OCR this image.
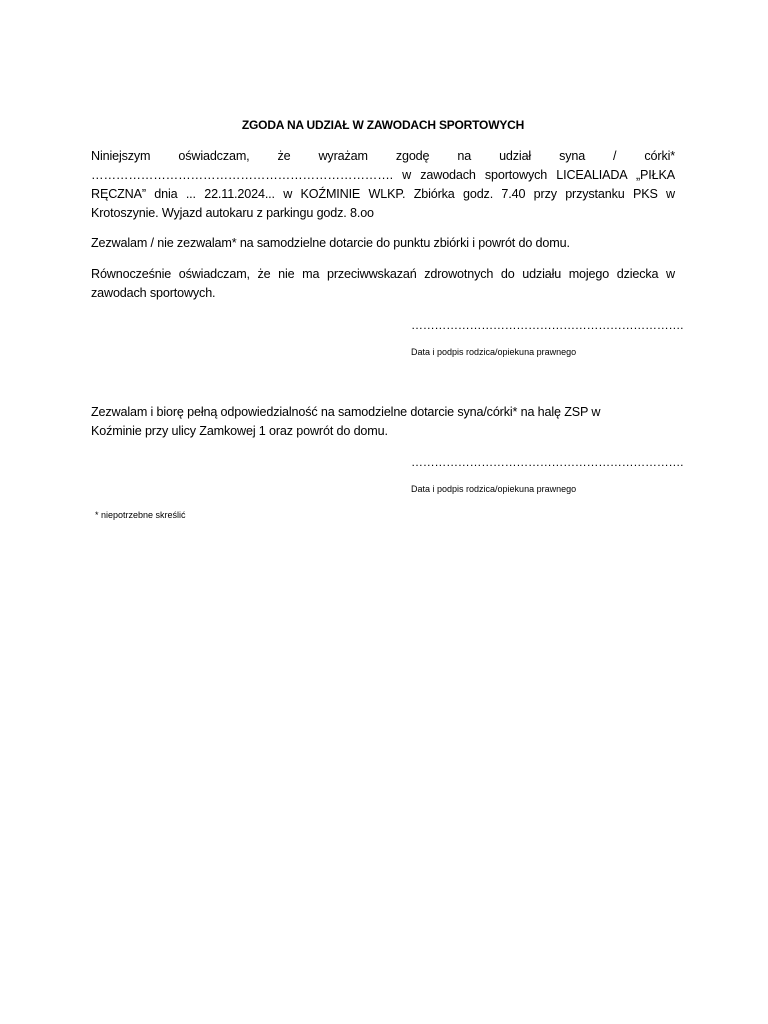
ZGODA NA UDZIAŁ W ZAWODACH SPORTOWYCH
Niniejszym oświadczam, że wyrażam zgodę na udział syna / córki* ………………………………………………………………. w zawodach sportowych LICEALIADA „PIŁKA RĘCZNA” dnia ... 22.11.2024... w KOŹMINIE WLKP. Zbiórka godz. 7.40 przy przystanku PKS w Krotoszynie. Wyjazd autokaru z parkingu godz. 8.oo
Zezwalam / nie zezwalam* na samodzielne dotarcie do punktu zbiórki i powrót do domu.
Równocześnie oświadczam, że nie ma przeciwwskazań zdrowotnych do udziału mojego dziecka w zawodach sportowych.
…………………………………………………………….
Data i podpis rodzica/opiekuna prawnego
Zezwalam i biorę pełną odpowiedzialność na samodzielne dotarcie syna/córki* na halę ZSP w Koźminie przy ulicy Zamkowej 1 oraz powrót do domu.
…………………………………………………………….
Data i podpis rodzica/opiekuna prawnego
* niepotrzebne skreślić
